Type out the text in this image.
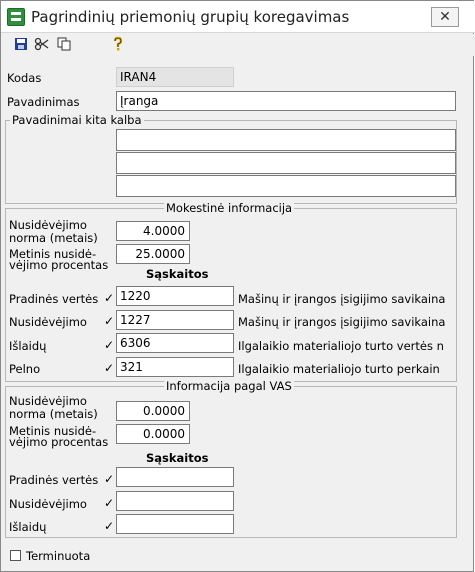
Pagrindinių priemonių grupių koregavimas	✕
Kodas	IRAN4
Pavadinimas	Įranga
Pavadinimai kita kalba
Mokestinė informacija
Nusidėvėjimo
norma (metais)	4.0000
Metinis nusidė-
vėjimo procentas
25.0000
Sąskaitos
Pradinės vertės ✓ 1220	Mašinų ir įrangos įsigijimo savikaina
Nusidėvėjimo ✓ 1227	Mašinų ir įrangos įsigijimo savikaina
Išlaidų	✓ 6306	Ilgalaikio materialiojo turto vertės n
Pelno	✓ 321	Ilgalaikio materialiojo turto perkain
Informacija pagal VAS
Nusidėvėjimo
norma (metais)	0.0000
Metinis nusidė-
vėjimo procentas
0.0000
Sąskaitos
Pradinės vertės ✓
Nusidėvėjimo ✓
Išlaidų	✓
Terminuota
